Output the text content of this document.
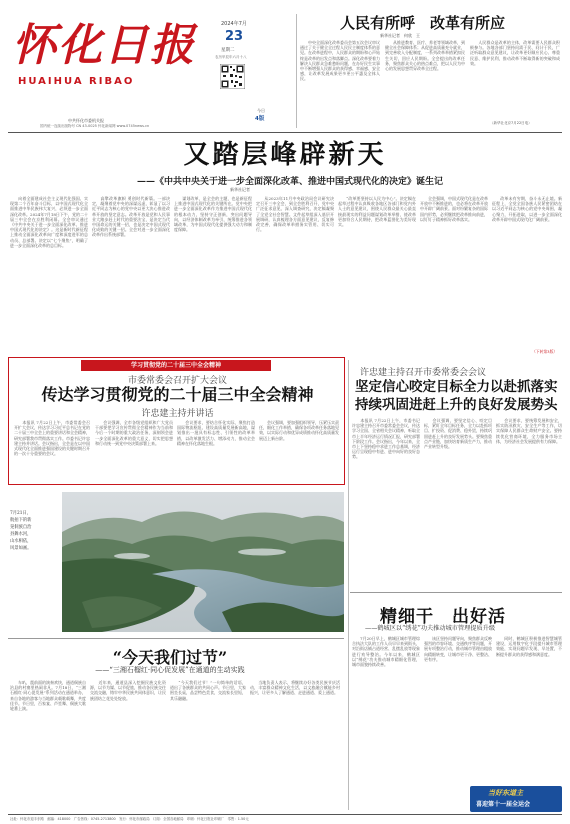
怀化日报
HUAIHUA RIBAO
中共怀化市委机关报
国内统一连续出版物号 CN 43-0025 怀化新闻网 www.0745news.cn
2024年7月
23
星期二
农历甲辰年六月十八
今日
4版
人民有所呼　改革有所应
新华社记者　何欣　王
　　中央全面深化改革委员会第五次会议审议通过了关于健全全过程人民民主制度体系的意见。在改革进程中，人民群众的期盼和心声始终是改革的出发点和落脚点。深化改革要着力解决人民群众急难愁盼问题，在办好民生实事中不断增强人民群众的获得感、幸福感、安全感，让改革发展成果更多更公平惠及全体人民。
　　从推进教育、医疗、养老等领域改革，到健全社会保障体系；从促进高质量充分就业，到完善收入分配制度，一系列改革举措紧扣民生关切，回应人民期盼。全会提出的改革任务，聚焦群众关心的热点难点，把以人民为中心的发展思想贯穿改革全过程。
　　人民群众是改革的主体，改革需要人民群众积极参与。各地各部门坚持问需于民、问计于民，广泛听取群众意见建议，让改革更好顺应民心、尊重民意、维护民利，推动改革不断取得新的突破和成效。
（新华社北京7月22日电）
又踏层峰辟新天
——《中共中央关于进一步全面深化改革、推进中国式现代化的决定》诞生记
新华社记者
　　向着全面建成社会主义现代化强国、实现第二个百年奋斗目标，以中国式现代化全面推进中华民族伟大复兴，必须进一步全面深化改革。2024年7月18日下午，党的二十届三中全会在京胜利闭幕。全会审议通过《中共中央关于进一步全面深化改革、推进中国式现代化的决定》。这是新时代新征程上推动全面深化改革向广度和深度进军的总动员、总部署。决定以“七个聚焦”，明确了进一步全面深化改革的总目标。
　　高擎改革旗帜 勇创时代新篇。一部决定，凝聚着党中央的深谋远虑，彰显了以习近平同志为核心的党中央以更大决心推进改革开放的坚定意志。改革开放是党和人民事业大踏步赶上时代的重要法宝，是决定当代中国命运的关键一招，也是决定中国式现代化成败的关键一招。全会对进一步全面深化改革作出系统部署。
　　谋划改革，是全会的主题，也是新征程上推进中国式现代化的关键所在。党中央把进一步全面深化改革作为推进中国式现代化的根本动力，坚持守正创新，突出问题导向，以经济体制改革为牵引，统筹推进各领域改革，为中国式现代化提供强大动力和制度保障。
　　从2023年11月中央政治局会议研究决定召开三中全会，到全会胜利召开，党中央广泛征求意见、深入调查研究，决定稿凝聚了全党全社会智慧。文件起草组深入基层开展调研，认真梳理各方面意见建议，反复修改完善，确保改革举措务实管用、切实可行。
　　“改革要坚持以人民为中心”。决定稿在起草过程中认真吸收各地区各部门和党内外人士的意见建议，围绕人民群众最关心最直接最现实的利益问题谋划改革举措，使改革更加符合人民期待，把改革蓝图化为美好现实。
　　全会强调，中国式现代化是在改革开放中不断推进的，也必将在改革开放中开辟广阔前景。面对纷繁复杂的国际国内形势，必须继续把改革推向前进，以钉钉子精神抓好改革落实。
　　改革未有穷期，奋斗永无止境。新征程上，全党全国各族人民紧密团结在以习近平同志为核心的党中央周围，凝心聚力，开拓进取，以进一步全面深化改革开辟中国式现代化广阔前景。
（下转第3版）
学习贯彻党的二十届三中全会精神
市委常委会召开扩大会议
传达学习贯彻党的二十届三中全会精神
许忠建主持并讲话
　　本报讯 7月22日上午，市委常委会召开扩大会议，传达学习习近平总书记在党的二十届三中全会上的重要讲话和全会精神，研究部署我市贯彻落实工作。市委书记许忠建主持并讲话。会议指出，全会是在以中国式现代化全面推进强国建设的关键时期召开的一次十分重要的会议。
　　会议强调，全市各级党组织和广大党员干部要把学习宣传贯彻全会精神作为当前和今后一个时期的重大政治任务，深刻领会进一步全面深化改革的重大意义，切实把思想和行动统一到党中央决策部署上来。
　　会议要求，要结合怀化实际，聚焦打造国际物流枢纽、建设高质量发展新高地，谋划推出一批具有标志性、引领性的改革举措，以改革激发活力、增添动力，推动全会精神在怀化落地生根。
　　会议强调，要加强组织领导，压紧压实责任，细化工作举措，确保各项改革任务落地见效，以实际行动和优异成绩推动怀化高质量发展迈上新台阶。
许忠建主持召开市委常委会会议
坚定信心咬定目标全力以赴抓落实
持续巩固进赶上升的良好发展势头
　　本报讯 7月22日上午，市委书记许忠建主持召开市委常委会会议，传达学习全国、全省相关会议精神，听取全市上半年经济运行情况汇报，研究部署下阶段工作。会议指出，今年以来，全市上下坚持稳中求进工作总基调，经济运行呈现稳中有进、进中向好的良好态势。
　　会议强调，要坚定信心、咬定目标，紧盯全年目标任务，全力以赴抓项目、扩投资、促消费、稳外贸，持续巩固进赶上升的良好发展势头。要聚焦重点产业链，加快培育新质生产力，推动产业转型升级。
　　会议要求，要统筹发展和安全，抓实防汛救灾、安全生产等工作，切实保障人民群众生命财产安全。要持续优化营商环境，全力服务市场主体，为经济社会发展提供有力保障。
7月21日，
航拍下的新
晃侗族自治
县舞水河，
山水相依，
风景如画。
“今天我们过节”
——“三湘石榴红·同心促发展”在通道的生动实践
　　车叭，震前面的演奏欢快，通道侗族自治县的村寨里热闹非凡。7月18日，“三湘石榴红·同心促发展”系列活动在通道举办，来自各地的游客与当地群众载歌载舞，共度佳节。节日里，百家宴、芦笙舞、侗族大歌轮番上演。
　　近年来，通道县深入挖掘民族文化资源，以节为媒、以节促旅，推动各民族交往交流交融，铸牢中华民族共同体意识，让民族团结之花处处绽放。
　　“今天我们过节！”一句简单的话语，道出了各族群众的共同心声。节日里，大家围坐长桌，品尝特色美食，交流家长里短，其乐融融。
　　当地负责人表示，将继续办好各类民族节庆活动，丰富群众精神文化生活，以文旅融合赋能乡村振兴，让更多人了解通道、走进通道、爱上通道。
精细干　出好活
——鹤城区以“绣花”功夫推动城市管理提质升级
　　7月20日早上，鹤城区城市管理综合执法大队的工作人员早早来到街头，对沿街店铺占道经营、乱摆乱放等现象进行劝导整治。今年以来，鹤城区以“绣花”功夫推动城市精细化管理，城市面貌持续改善。
　　该区坚持问题导向，聚焦群众反映强烈的市容环境、交通秩序等问题，开展专项整治行动，推动城市管理由粗放向精细转变，让城市更干净、更整洁、更有序。
　　同时，鹤城区积极推进智慧城管建设，运用数字化手段提升城市管理效能，实现问题早发现、早处置，不断提升群众的获得感和满意度。
当好东道主
喜迎第十一届全运会
社址：怀化市迎丰东路　邮编：418000　广告热线：0745-2713800　发行：怀化市邮政局　订阅：全国各地邮局　印刷：怀化日报社印刷厂　零售：1.50元
